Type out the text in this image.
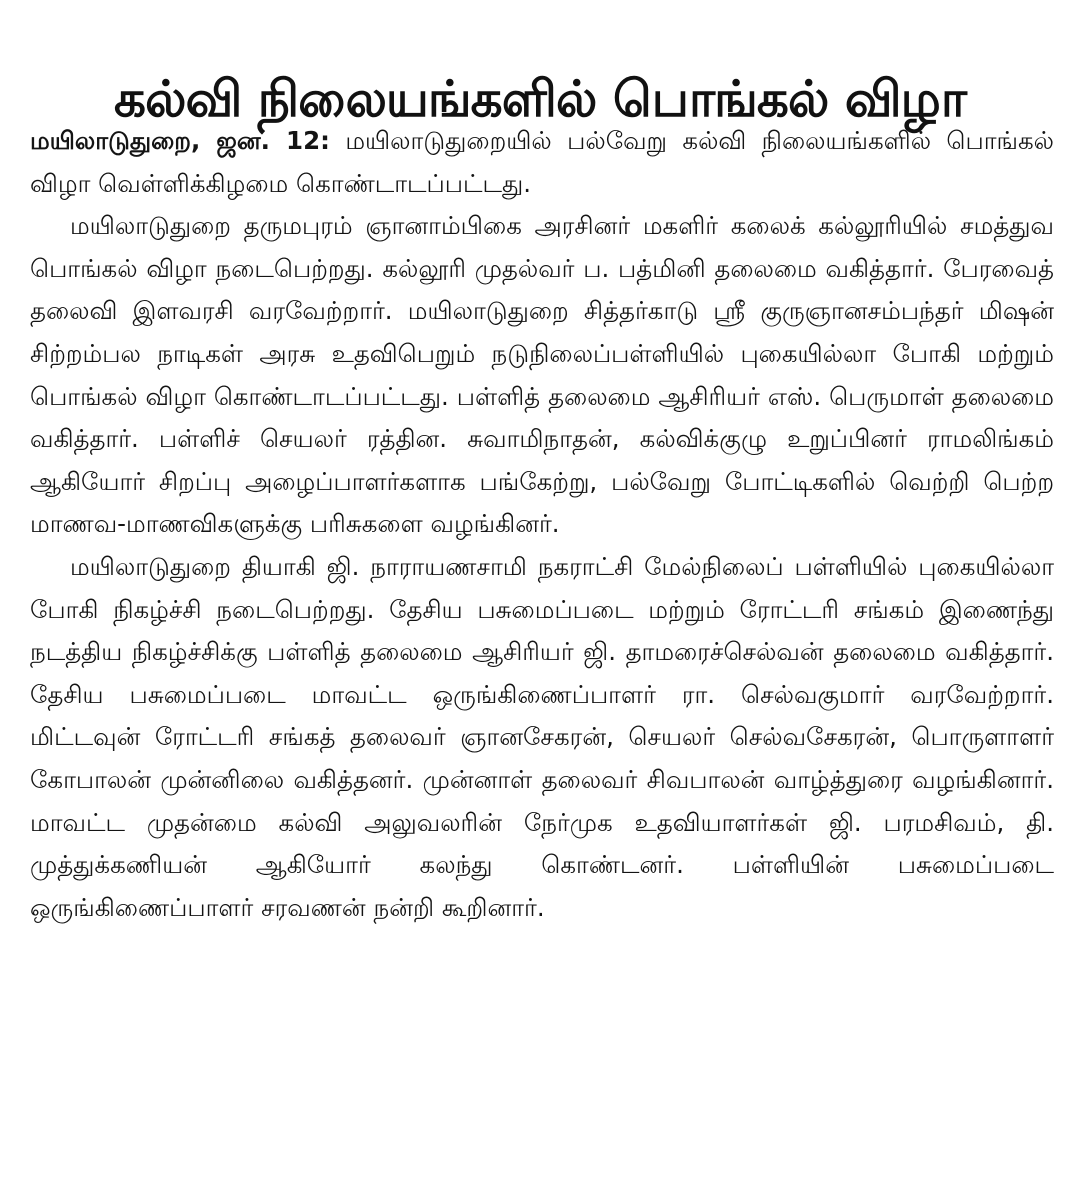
கல்வி நிலையங்களில் பொங்கல் விழா

மயிலாடுதுறை, ஜன. 12: மயிலாடுதுறையில் பல்வேறு கல்வி நிலையங்களில் பொங்கல் விழா வெள்ளிக்கிழமை கொண்டாடப்பட்டது.

மயிலாடுதுறை தருமபுரம் ஞானாம்பிகை அரசினர் மகளிர் கலைக் கல்லூரியில் சமத்துவ பொங்கல் விழா நடைபெற்றது. கல்லூரி முதல்வர் ப. பத்மினி தலைமை வகித்தார். பேரவைத் தலைவி இளவரசி வரவேற்றார். மயிலாடுதுறை சித்தர்காடு ஸ்ரீ குருஞானசம்பந்தர் மிஷன் சிற்றம்பல நாடிகள் அரசு உதவிபெறும் நடுநிலைப்பள்ளியில் புகையில்லா போகி மற்றும் பொங்கல் விழா கொண்டாடப்பட்டது. பள்ளித் தலைமை ஆசிரியர் எஸ். பெருமாள் தலைமை வகித்தார். பள்ளிச் செயலர் ரத்தின. சுவாமிநாதன், கல்விக்குழு உறுப்பினர் ராமலிங்கம் ஆகியோர் சிறப்பு அழைப்பாளர்களாக பங்கேற்று, பல்வேறு போட்டிகளில் வெற்றி பெற்ற மாணவ-மாணவிகளுக்கு பரிசுகளை வழங்கினர்.

மயிலாடுதுறை தியாகி ஜி. நாராயணசாமி நகராட்சி மேல்நிலைப் பள்ளியில் புகையில்லா போகி நிகழ்ச்சி நடைபெற்றது. தேசிய பசுமைப்படை மற்றும் ரோட்டரி சங்கம் இணைந்து நடத்திய நிகழ்ச்சிக்கு பள்ளித் தலைமை ஆசிரியர் ஜி. தாமரைச்செல்வன் தலைமை வகித்தார். தேசிய பசுமைப்படை மாவட்ட ஒருங்கிணைப்பாளர் ரா. செல்வகுமார் வரவேற்றார். மிட்டவுன் ரோட்டரி சங்கத் தலைவர் ஞானசேகரன், செயலர் செல்வசேகரன், பொருளாளர் கோபாலன் முன்னிலை வகித்தனர். முன்னாள் தலைவர் சிவபாலன் வாழ்த்துரை வழங்கினார். மாவட்ட முதன்மை கல்வி அலுவலரின் நேர்முக உதவியாளர்கள் ஜி. பரமசிவம், தி. முத்துக்கணியன் ஆகியோர் கலந்து கொண்டனர். பள்ளியின் பசுமைப்படை ஒருங்கிணைப்பாளர் சரவணன் நன்றி கூறினார்.
